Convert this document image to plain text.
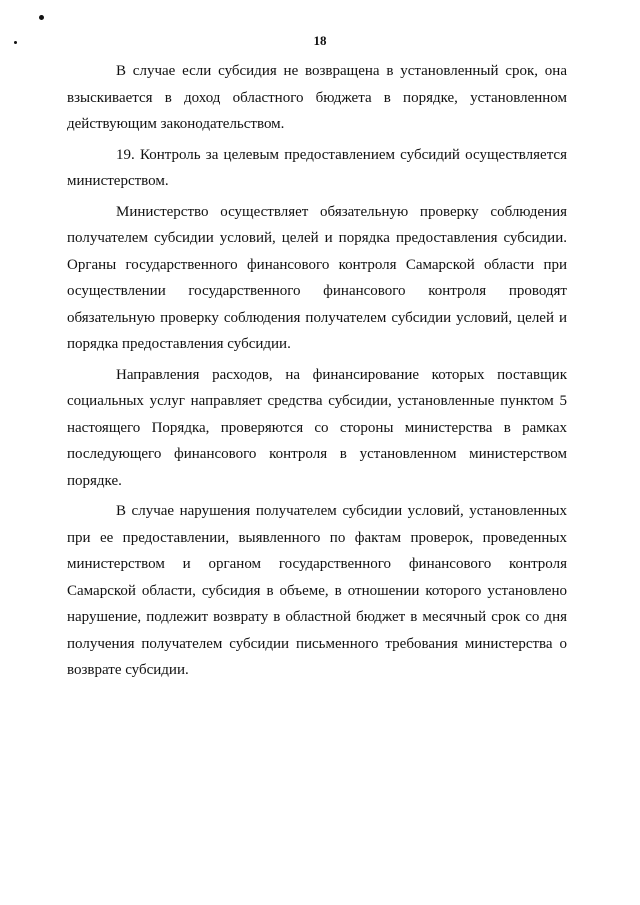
18

В случае если субсидия не возвращена в установленный срок, она взыскивается в доход областного бюджета в порядке, установленном действующим законодательством.

19. Контроль за целевым предоставлением субсидий осуществляется министерством.

Министерство осуществляет обязательную проверку соблюдения получателем субсидии условий, целей и порядка предоставления субсидии. Органы государственного финансового контроля Самарской области при осуществлении государственного финансового контроля проводят обязательную проверку соблюдения получателем субсидии условий, целей и порядка предоставления субсидии.

Направления расходов, на финансирование которых поставщик социальных услуг направляет средства субсидии, установленные пунктом 5 настоящего Порядка, проверяются со стороны министерства в рамках последующего финансового контроля в установленном министерством порядке.

В случае нарушения получателем субсидии условий, установленных при ее предоставлении, выявленного по фактам проверок, проведенных министерством и органом государственного финансового контроля Самарской области, субсидия в объеме, в отношении которого установлено нарушение, подлежит возврату в областной бюджет в месячный срок со дня получения получателем субсидии письменного требования министерства о возврате субсидии.
